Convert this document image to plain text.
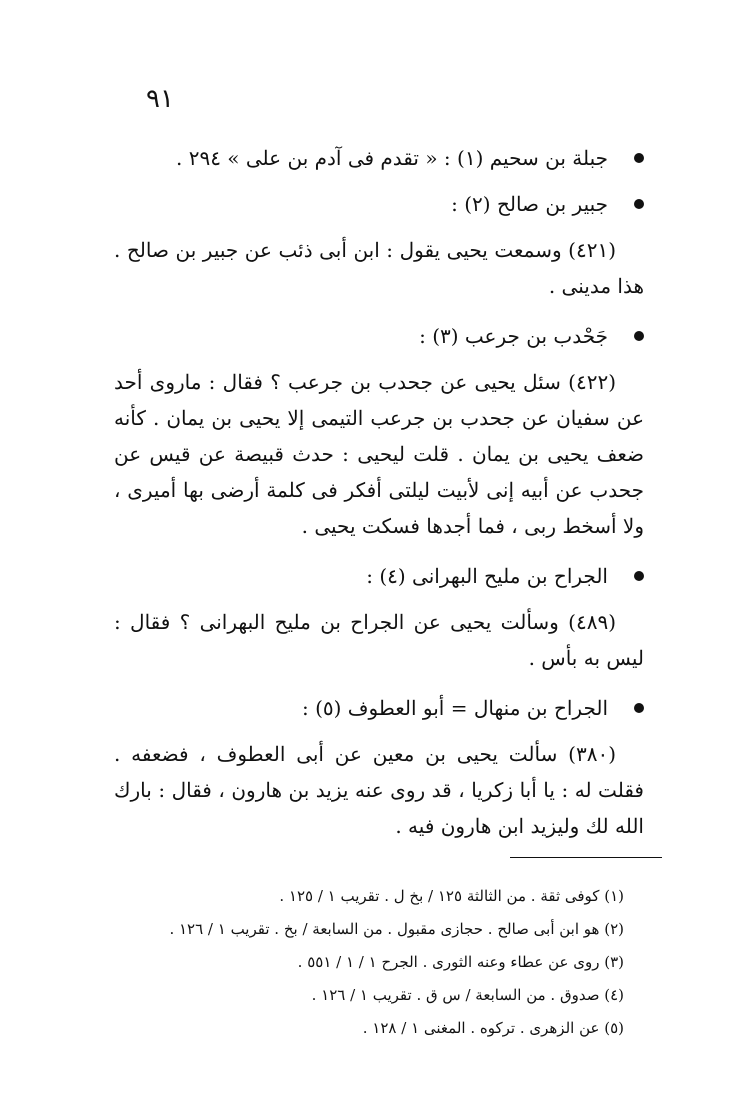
٩١
جبلة بن سحيم (١) : « تقدم فى آدم بن على » ٢٩٤ .
جبير بن صالح (٢) :

(٤٢١) وسمعت يحيى يقول : ابن أبى ذئب عن جبير بن صالح . هذا مدينى .

جَحْدب بن جرعب (٣) :

(٤٢٢) سئل يحيى عن جحدب بن جرعب ؟ فقال : ماروى أحد عن سفيان عن جحدب بن جرعب التيمى إلا يحيى بن يمان . كأنه ضعف يحيى بن يمان . قلت ليحيى : حدث قبيصة عن قيس عن جحدب عن أبيه إنى لأبيت ليلتى أفكر فى كلمة أرضى بها أميرى ، ولا أسخط ربى ، فما أجدها فسكت يحيى .

الجراح بن مليح البهرانى (٤) :

(٤٨٩) وسألت يحيى عن الجراح بن مليح البهرانى ؟ فقال : ليس به بأس .

الجراح بن منهال = أبو العطوف (٥) :

(٣٨٠) سألت يحيى بن معين عن أبى العطوف ، فضعفه . فقلت له : يا أبا زكريا ، قد روى عنه يزيد بن هارون ، فقال : بارك الله لك وليزيد ابن هارون فيه .

(١) كوفى ثقة . من الثالثة ١٢٥ / بخ ل . تقريب ١ / ١٢٥ .
(٢) هو ابن أبى صالح . حجازى مقبول . من السابعة / بخ . تقريب ١ / ١٢٦ .
(٣) روى عن عطاء وعنه الثورى . الجرح ١ / ١ / ٥٥١ .
(٤) صدوق . من السابعة / س ق . تقريب ١ / ١٢٦ .
(٥) عن الزهرى . تركوه . المغنى ١ / ١٢٨ .
